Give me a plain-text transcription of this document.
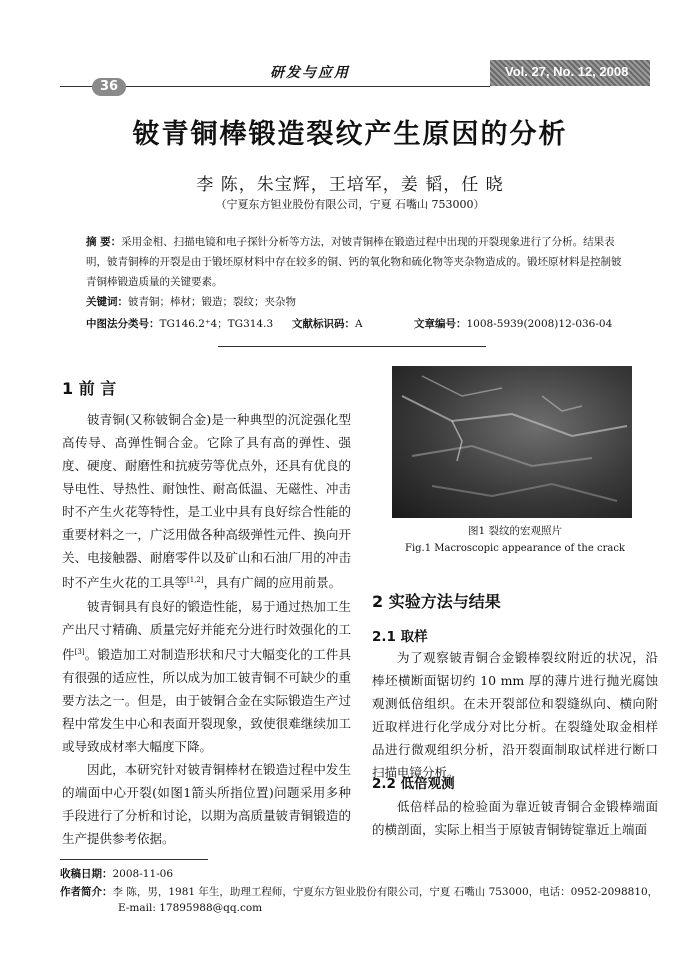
36
研发与应用	Vol. 27, No. 12, 2008
铍青铜棒锻造裂纹产生原因的分析
李 陈，朱宝辉，王培军，姜 韬，任 晓
（宁夏东方钽业股份有限公司，宁夏 石嘴山 753000）
摘 要：采用金相、扫描电镜和电子探针分析等方法，对铍青铜棒在锻造过程中出现的开裂现象进行了分析。结果表明，铍青铜棒的开裂是由于锻坯原材料中存在较多的铜、钙的氧化物和硫化物等夹杂物造成的。锻坯原材料是控制铍青铜棒锻造质量的关键要素。
关键词：铍青铜；棒材；锻造；裂纹；夹杂物
中图法分类号：TG146.2⁺4；TG314.3 文献标识码：A	文章编号：1008-5939(2008)12-036-04
1 前 言

铍青铜(又称铍铜合金)是一种典型的沉淀强化型高传导、高弹性铜合金。它除了具有高的弹性、强度、硬度、耐磨性和抗疲劳等优点外，还具有优良的导电性、导热性、耐蚀性、耐高低温、无磁性、冲击时不产生火花等特性，是工业中具有良好综合性能的重要材料之一，广泛用做各种高级弹性元件、换向开关、电接触器、耐磨零件以及矿山和石油厂用的冲击时不产生火花的工具等[1,2]，具有广阔的应用前景。

铍青铜具有良好的锻造性能，易于通过热加工生产出尺寸精确、质量完好并能充分进行时效强化的工件[3]。锻造加工对制造形状和尺寸大幅变化的工件具有很强的适应性，所以成为加工铍青铜不可缺少的重要方法之一。但是，由于铍铜合金在实际锻造生产过程中常发生中心和表面开裂现象，致使很难继续加工或导致成材率大幅度下降。

因此，本研究针对铍青铜棒材在锻造过程中发生的端面中心开裂(如图1箭头所指位置)问题采用多种手段进行了分析和讨论，以期为高质量铍青铜锻造的生产提供参考依据。

图1 裂纹的宏观照片
Fig.1 Macroscopic appearance of the crack
2 实验方法与结果
2.1 取样

为了观察铍青铜合金锻棒裂纹附近的状况，沿棒坯横断面锯切约 10 mm 厚的薄片进行抛光腐蚀观测低倍组织。在未开裂部位和裂缝纵向、横向附近取样进行化学成分对比分析。在裂缝处取金相样品进行微观组织分析，沿开裂面制取试样进行断口扫描电镜分析。

2.2 低倍观测

低倍样品的检验面为靠近铍青铜合金锻棒端面的横剖面，实际上相当于原铍青铜铸锭靠近上端面

收稿日期：2008-11-06
作者简介：李 陈，男，1981 年生，助理工程师，宁夏东方钽业股份有限公司，宁夏 石嘴山 753000，电话：0952-2098810，
E-mail: 17895988@qq.com
